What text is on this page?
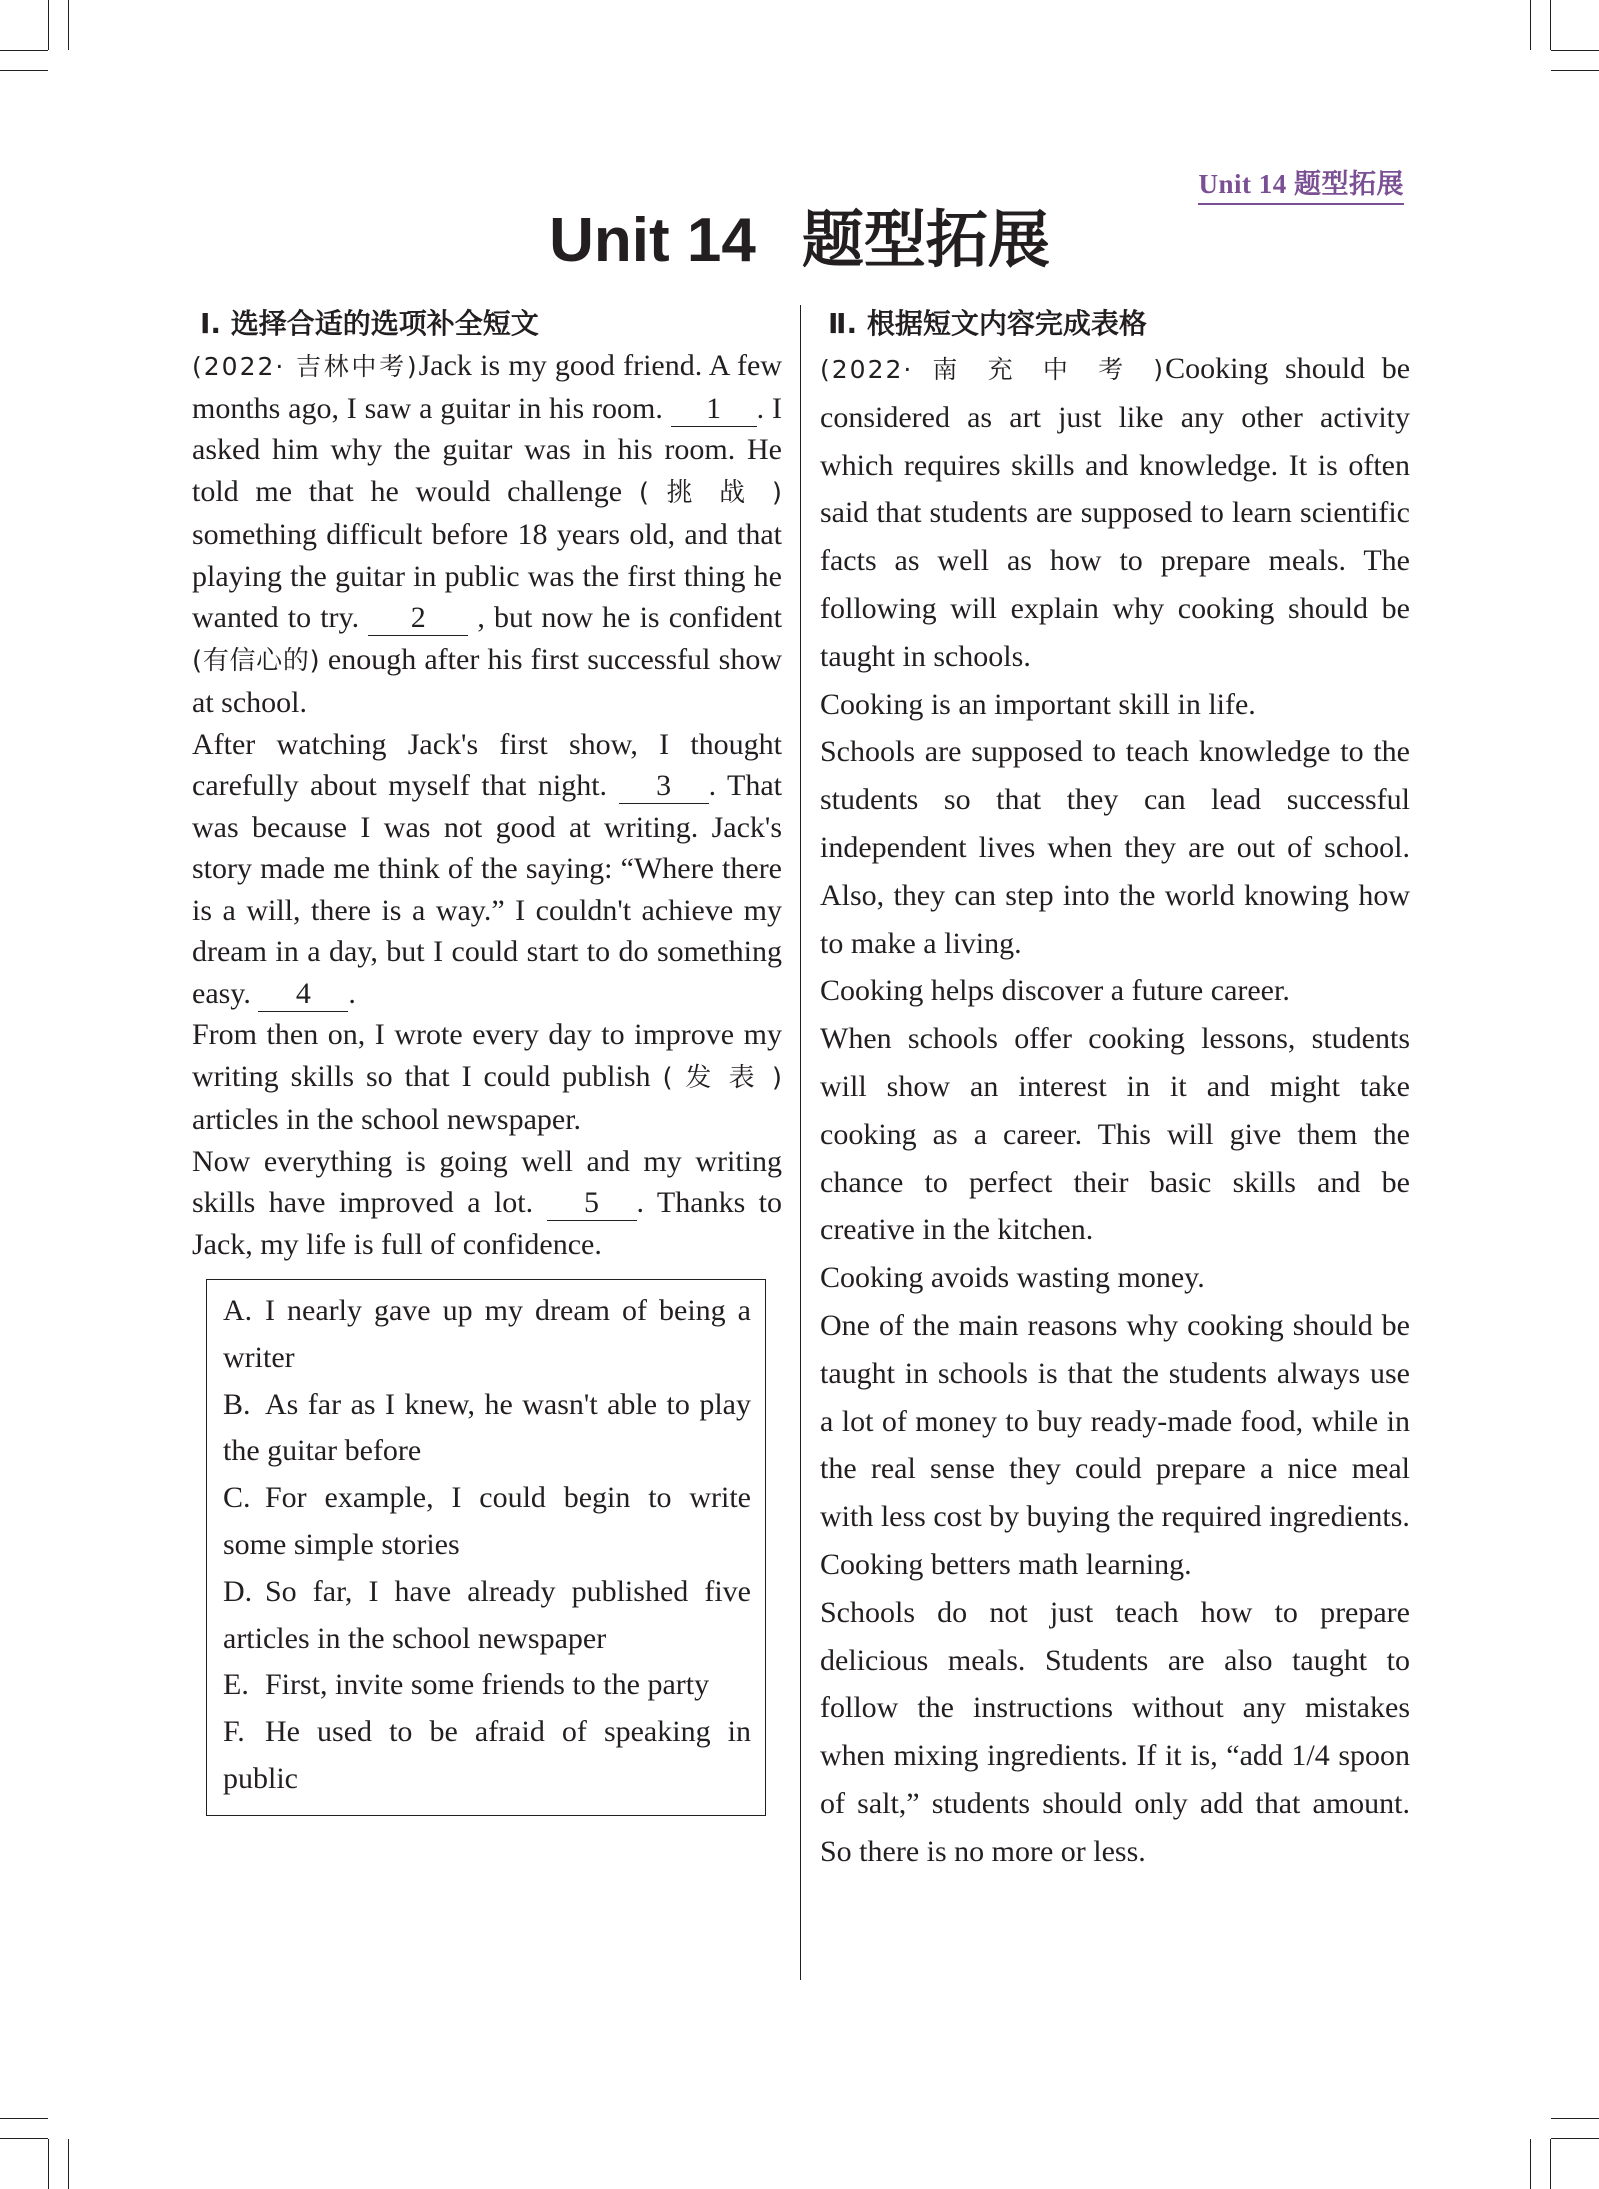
Unit 14 题型拓展
Unit 14 题型拓展
Ⅰ. 选择合适的选项补全短文

(2022· 吉林中考)Jack is my good friend. A few months ago, I saw a guitar in his room. 1 . I asked him why the guitar was in his room. He told me that he would challenge ( 挑 战 ) something difficult before 18 years old, and that playing the guitar in public was the first thing he wanted to try. 2 , but now he is confident (有信心的) enough after his first successful show at school.

After watching Jack's first show, I thought carefully about myself that night. 3 . That was because I was not good at writing. Jack's story made me think of the saying: “Where there is a will, there is a way.” I couldn't achieve my dream in a day, but I could start to do something easy. 4 .

From then on, I wrote every day to improve my writing skills so that I could publish ( 发 表 ) articles in the school newspaper.

Now everything is going well and my writing skills have improved a lot. 5 . Thanks to Jack, my life is full of confidence.

A. I nearly gave up my dream of being a writer
B. As far as I knew, he wasn't able to play the guitar before
C. For example, I could begin to write some simple stories
D. So far, I have already published five articles in the school newspaper
E. First, invite some friends to the party
F. He used to be afraid of speaking in public
Ⅱ. 根据短文内容完成表格

(2022· 南 充 中 考 )Cooking should be considered as art just like any other activity which requires skills and knowledge. It is often said that students are supposed to learn scientific facts as well as how to prepare meals. The following will explain why cooking should be taught in schools.

Cooking is an important skill in life.

Schools are supposed to teach knowledge to the students so that they can lead successful independent lives when they are out of school. Also, they can step into the world knowing how to make a living.

Cooking helps discover a future career.

When schools offer cooking lessons, students will show an interest in it and might take cooking as a career. This will give them the chance to perfect their basic skills and be creative in the kitchen.

Cooking avoids wasting money.

One of the main reasons why cooking should be taught in schools is that the students always use a lot of money to buy ready-made food, while in the real sense they could prepare a nice meal with less cost by buying the required ingredients.

Cooking betters math learning.

Schools do not just teach how to prepare delicious meals. Students are also taught to follow the instructions without any mistakes when mixing ingredients. If it is, “add 1/4 spoon of salt,” students should only add that amount. So there is no more or less.
